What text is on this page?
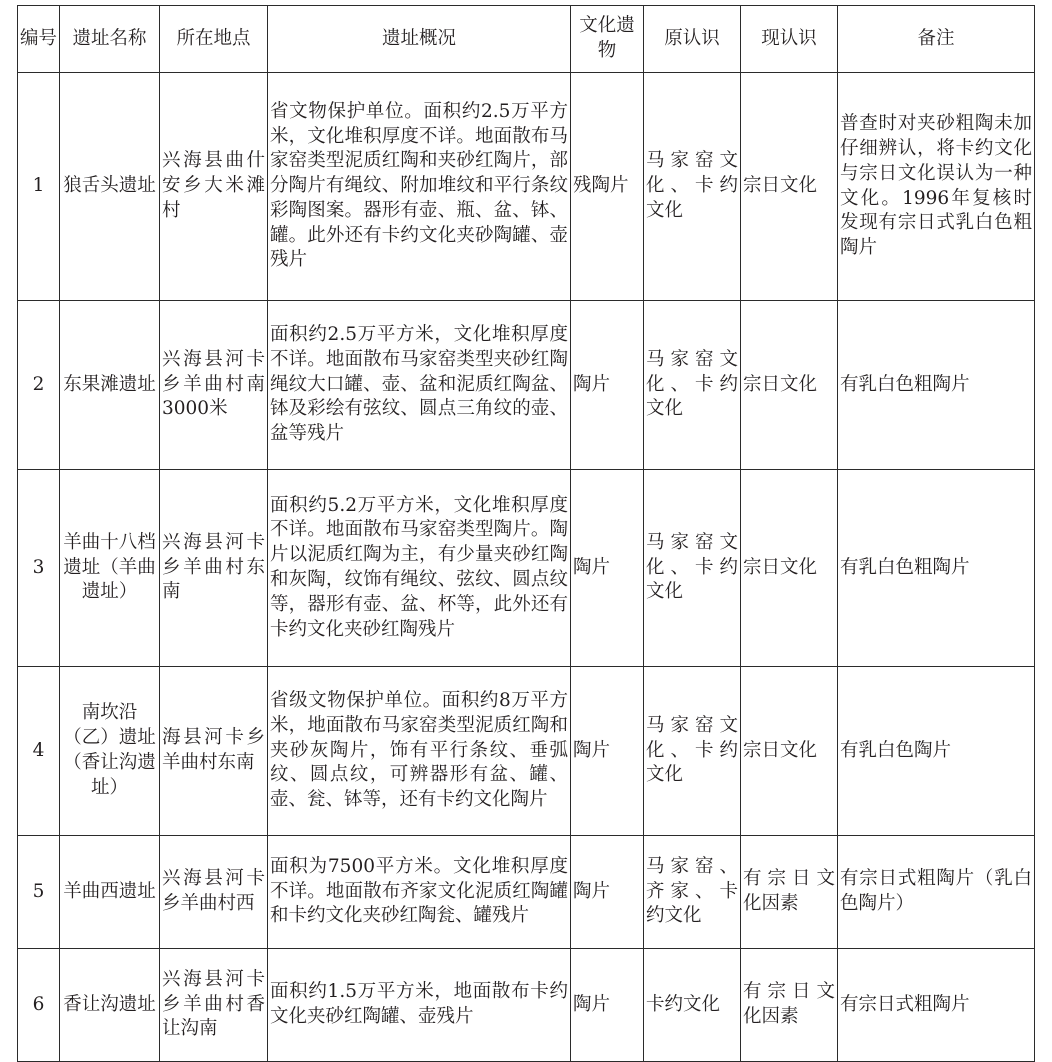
编号	遗址名称	所在地点	遗址概况	文化遗物	原认识	现认识	备注
1	狼舌头遗址	兴海县曲什安乡大米滩村	省文物保护单位。面积约2.5万平方米，文化堆积厚度不详。地面散布马家窑类型泥质红陶和夹砂红陶片，部分陶片有绳纹、附加堆纹和平行条纹彩陶图案。器形有壶、瓶、盆、钵、罐。此外还有卡约文化夹砂陶罐、壶残片	残陶片	马家窑文化、卡约文化	宗日文化	普查时对夹砂粗陶未加仔细辨认，将卡约文化与宗日文化误认为一种文化。1996年复核时发现有宗日式乳白色粗陶片
2	东果滩遗址	兴海县河卡乡羊曲村南3000米	面积约2.5万平方米，文化堆积厚度不详。地面散布马家窑类型夹砂红陶绳纹大口罐、壶、盆和泥质红陶盆、钵及彩绘有弦纹、圆点三角纹的壶、盆等残片	陶片	马家窑文化、卡约文化	宗日文化	有乳白色粗陶片
3	羊曲十八档遗址（羊曲遗址）	兴海县河卡乡羊曲村东南	面积约5.2万平方米，文化堆积厚度不详。地面散布马家窑类型陶片。陶片以泥质红陶为主，有少量夹砂红陶和灰陶，纹饰有绳纹、弦纹、圆点纹等，器形有壶、盆、杯等，此外还有卡约文化夹砂红陶残片	陶片	马家窑文化、卡约文化	宗日文化	有乳白色粗陶片
4	南坎沿（乙）遗址（香让沟遗址）	海县河卡乡羊曲村东南	省级文物保护单位。面积约8万平方米，地面散布马家窑类型泥质红陶和夹砂灰陶片，饰有平行条纹、垂弧纹、圆点纹，可辨器形有盆、罐、壶、瓮、钵等，还有卡约文化陶片	陶片	马家窑文化、卡约文化	宗日文化	有乳白色陶片
5	羊曲西遗址	兴海县河卡乡羊曲村西	面积为7500平方米。文化堆积厚度不详。地面散布齐家文化泥质红陶罐和卡约文化夹砂红陶瓮、罐残片	陶片	马家窑、齐家、卡约文化	有宗日文化因素	有宗日式粗陶片（乳白色陶片）
6	香让沟遗址	兴海县河卡乡羊曲村香让沟南	面积约1.5万平方米，地面散布卡约文化夹砂红陶罐、壶残片	陶片	卡约文化	有宗日文化因素	有宗日式粗陶片
